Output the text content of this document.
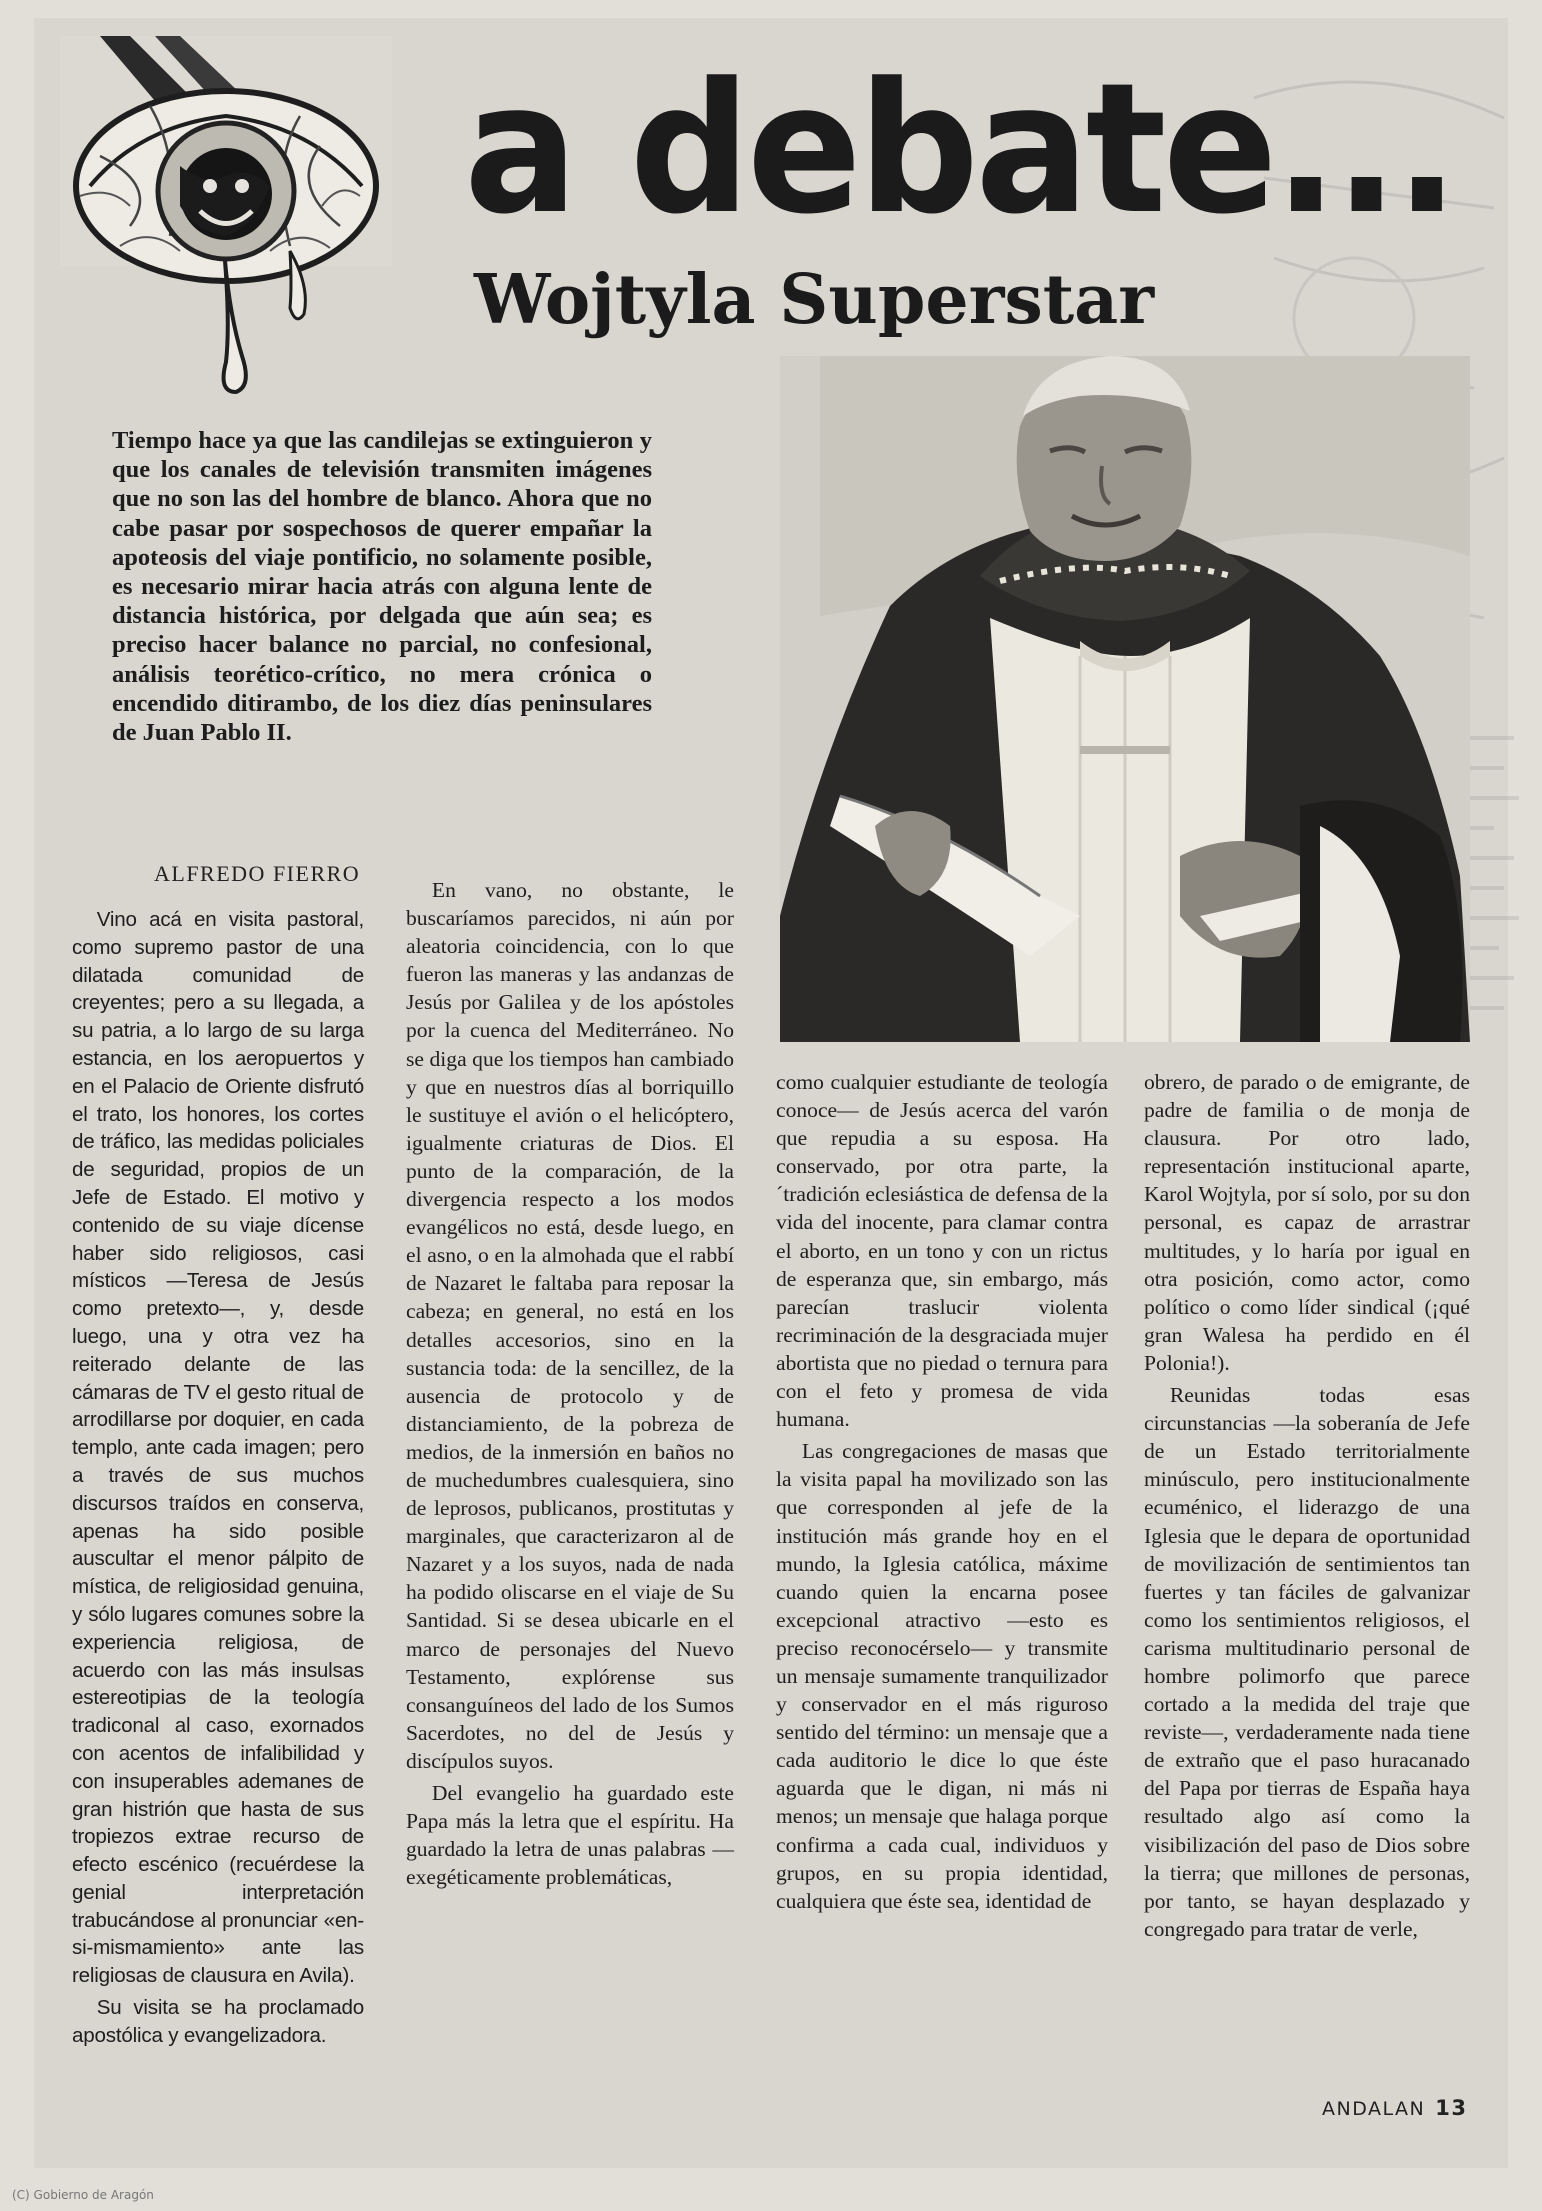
a debate...
Wojtyla Superstar

Tiempo hace ya que las candilejas se extinguieron y que los canales de televisión transmiten imágenes que no son las del hombre de blanco. Ahora que no cabe pasar por sospechosos de querer empañar la apoteosis del viaje pontificio, no solamente posible, es necesario mirar hacia atrás con alguna lente de distancia histórica, por delgada que aún sea; es preciso hacer balance no parcial, no confesional, análisis teorético-crítico, no mera crónica o encendido ditirambo, de los diez días peninsulares de Juan Pablo II.

ALFREDO FIERRO

Vino acá en visita pastoral, como supremo pastor de una dilatada comunidad de creyentes; pero a su llegada, a su patria, a lo largo de su larga estancia, en los aeropuertos y en el Palacio de Oriente disfrutó el trato, los honores, los cortes de tráfico, las medidas policiales de seguridad, propios de un Jefe de Estado. El motivo y contenido de su viaje dícense haber sido religiosos, casi místicos —Teresa de Jesús como pretexto—, y, desde luego, una y otra vez ha reiterado delante de las cámaras de TV el gesto ritual de arrodillarse por doquier, en cada templo, ante cada imagen; pero a través de sus muchos discursos traídos en conserva, apenas ha sido posible auscultar el menor pálpito de mística, de religiosidad genuina, y sólo lugares comunes sobre la experiencia religiosa, de acuerdo con las más insulsas estereotipias de la teología tradiconal al caso, exornados con acentos de infalibilidad y con insuperables ademanes de gran histrión que hasta de sus tropiezos extrae recurso de efecto escénico (recuérdese la genial interpretación trabucándose al pronunciar «en-si-mismamiento» ante las religiosas de clausura en Avila).

Su visita se ha proclamado apostólica y evangelizadora.

En vano, no obstante, le buscaríamos parecidos, ni aún por aleatoria coincidencia, con lo que fueron las maneras y las andanzas de Jesús por Galilea y de los apóstoles por la cuenca del Mediterráneo. No se diga que los tiempos han cambiado y que en nuestros días al borriquillo le sustituye el avión o el helicóptero, igualmente criaturas de Dios. El punto de la comparación, de la divergencia respecto a los modos evangélicos no está, desde luego, en el asno, o en la almohada que el rabbí de Nazaret le faltaba para reposar la cabeza; en general, no está en los detalles accesorios, sino en la sustancia toda: de la sencillez, de la ausencia de protocolo y de distanciamiento, de la pobreza de medios, de la inmersión en baños no de muchedumbres cualesquiera, sino de leprosos, publicanos, prostitutas y marginales, que caracterizaron al de Nazaret y a los suyos, nada de nada ha podido oliscarse en el viaje de Su Santidad. Si se desea ubicarle en el marco de personajes del Nuevo Testamento, explórense sus consanguíneos del lado de los Sumos Sacerdotes, no del de Jesús y discípulos suyos.

Del evangelio ha guardado este Papa más la letra que el espíritu. Ha guardado la letra de unas palabras —exegéticamente problemáticas,

como cualquier estudiante de teología conoce— de Jesús acerca del varón que repudia a su esposa. Ha conservado, por otra parte, la ´tradición eclesiástica de defensa de la vida del inocente, para clamar contra el aborto, en un tono y con un rictus de esperanza que, sin embargo, más parecían traslucir violenta recriminación de la desgraciada mujer abortista que no piedad o ternura para con el feto y promesa de vida humana.

Las congregaciones de masas que la visita papal ha movilizado son las que corresponden al jefe de la institución más grande hoy en el mundo, la Iglesia católica, máxime cuando quien la encarna posee excepcional atractivo —esto es preciso reconocérselo— y transmite un mensaje sumamente tranquilizador y conservador en el más riguroso sentido del término: un mensaje que a cada auditorio le dice lo que éste aguarda que le digan, ni más ni menos; un mensaje que halaga porque confirma a cada cual, individuos y grupos, en su propia identidad, cualquiera que éste sea, identidad de

obrero, de parado o de emigrante, de padre de familia o de monja de clausura. Por otro lado, representación institucional aparte, Karol Wojtyla, por sí solo, por su don personal, es capaz de arrastrar multitudes, y lo haría por igual en otra posición, como actor, como político o como líder sindical (¡qué gran Walesa ha perdido en él Polonia!).

Reunidas todas esas circunstancias —la soberanía de Jefe de un Estado territorialmente minúsculo, pero institucionalmente ecuménico, el liderazgo de una Iglesia que le depara de oportunidad de movilización de sentimientos tan fuertes y tan fáciles de galvanizar como los sentimientos religiosos, el carisma multitudinario personal de hombre polimorfo que parece cortado a la medida del traje que reviste—, verdaderamente nada tiene de extraño que el paso huracanado del Papa por tierras de España haya resultado algo así como la visibilización del paso de Dios sobre la tierra; que millones de personas, por tanto, se hayan desplazado y congregado para tratar de verle,

ANDALAN 13

(C) Gobierno de Aragón
